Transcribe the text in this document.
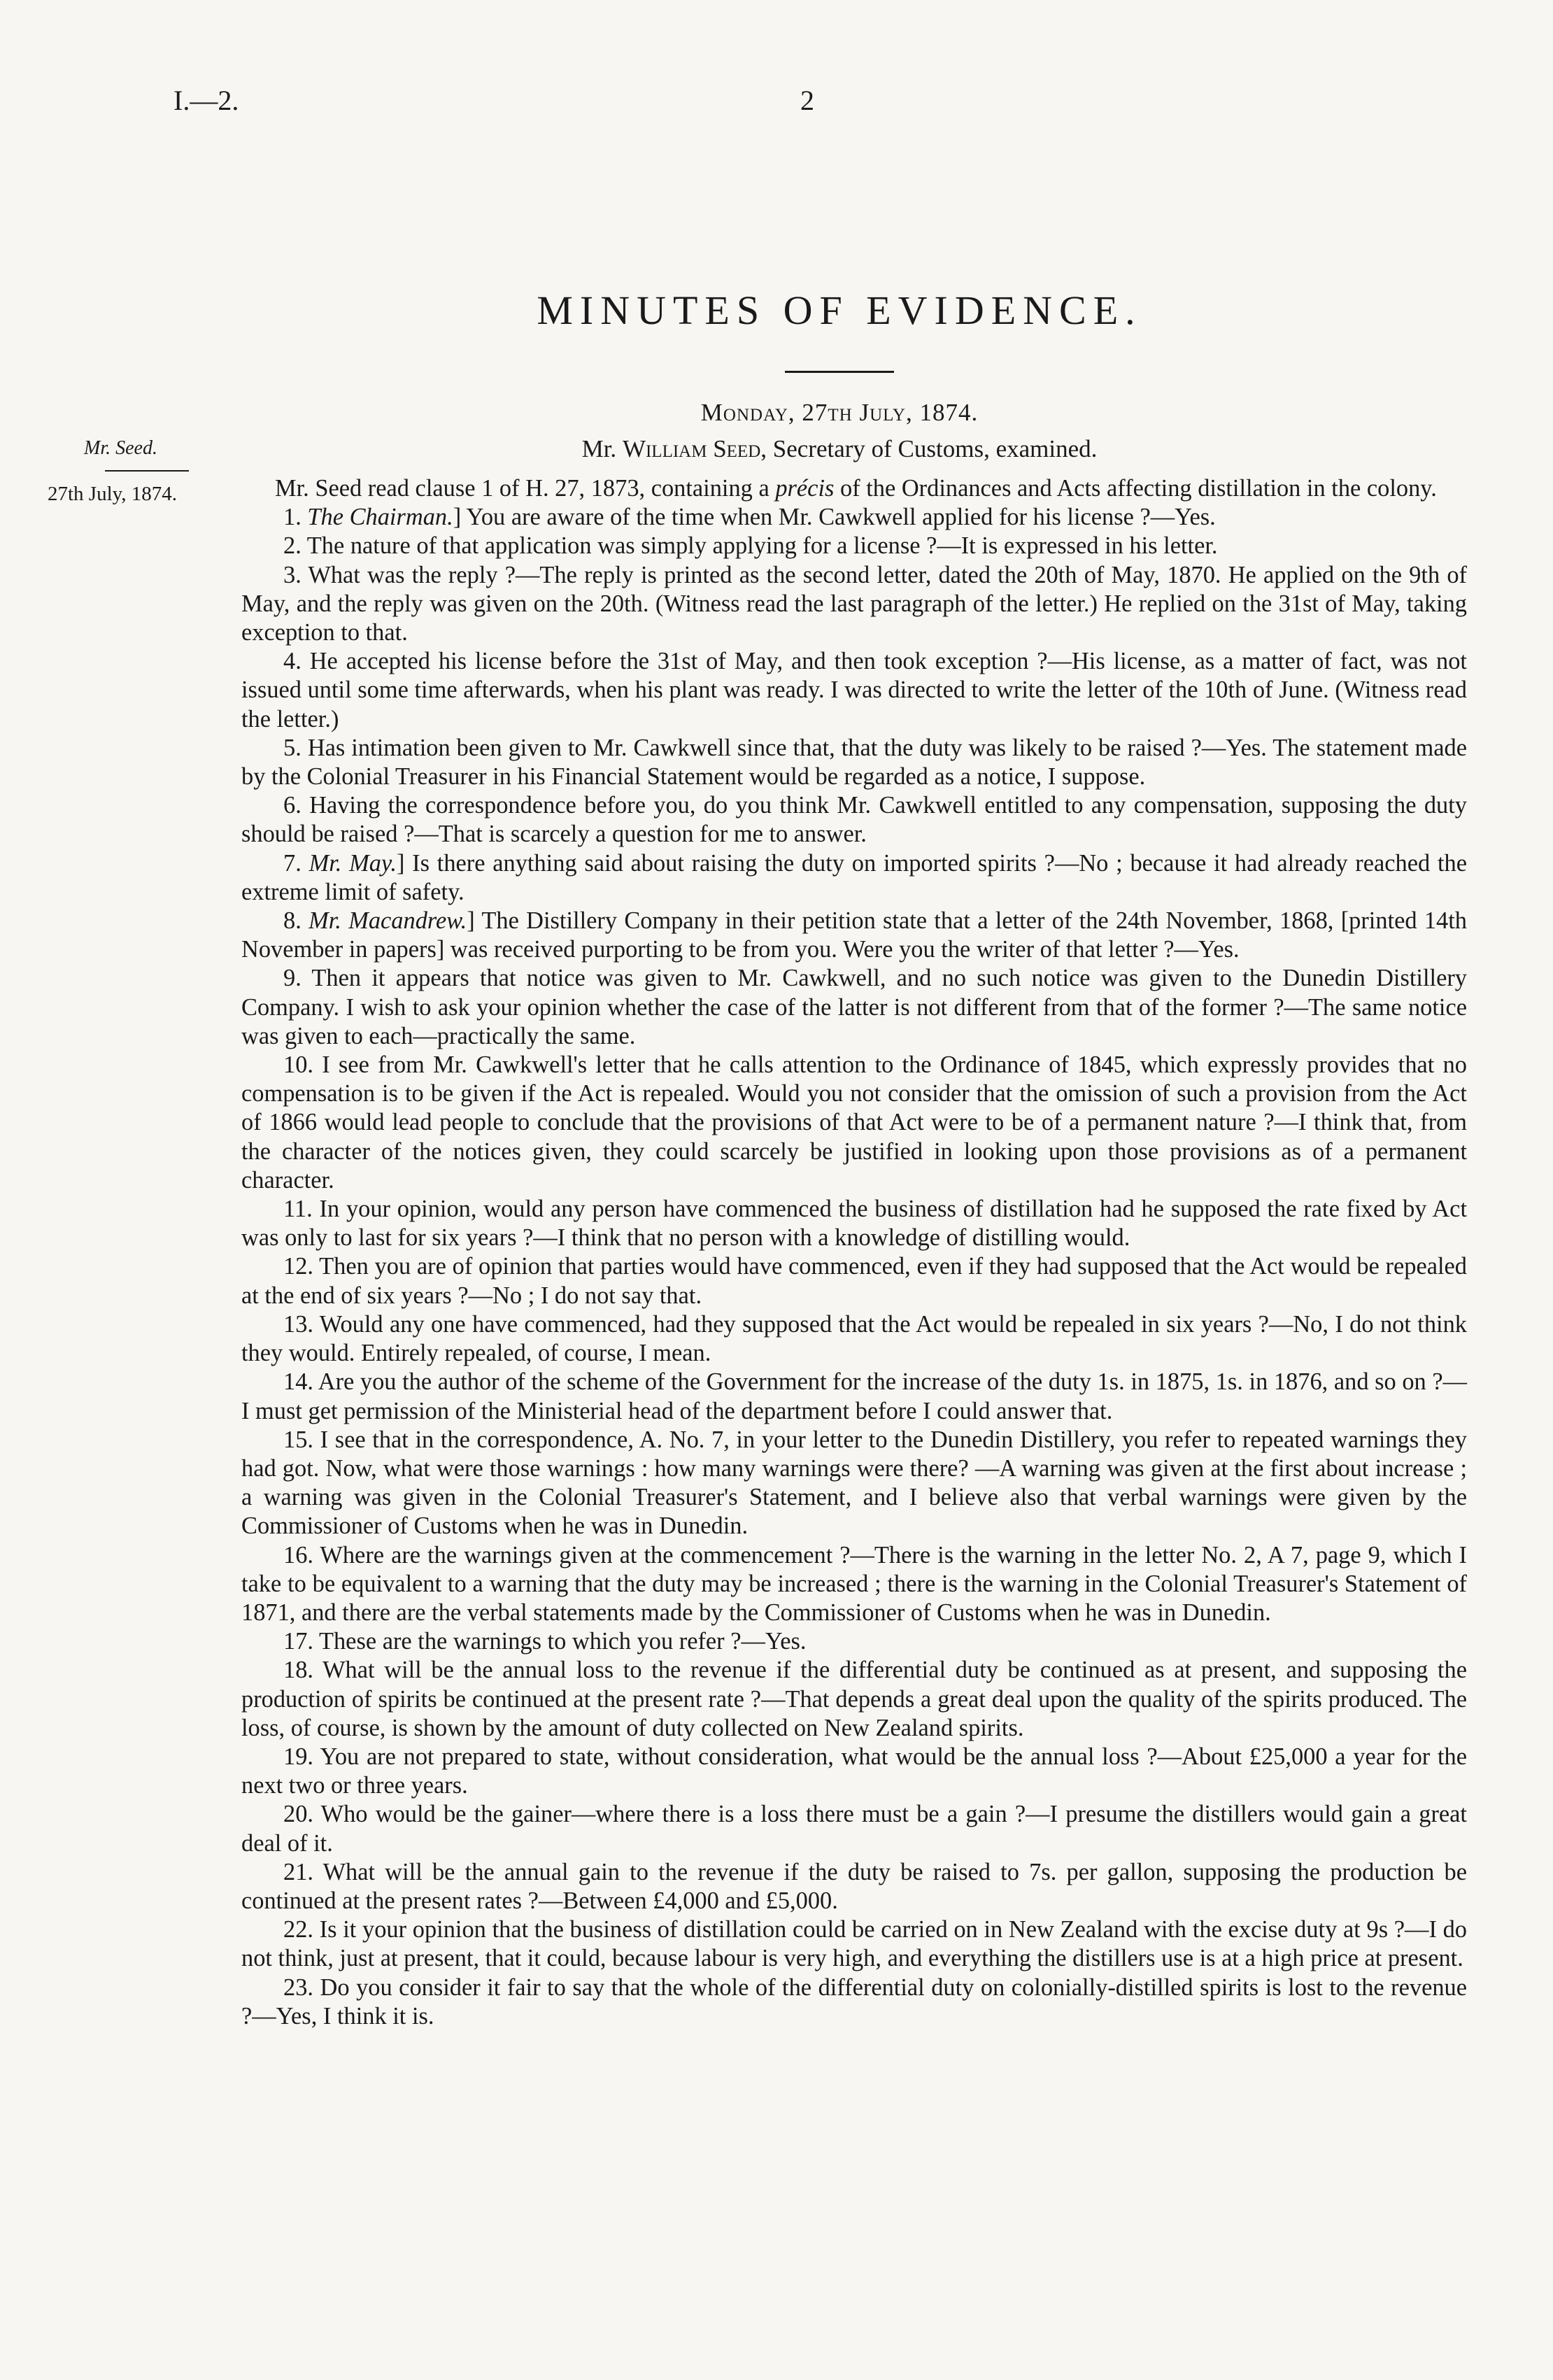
I.—2.	2
MINUTES OF EVIDENCE.
Monday, 27th July, 1874.
Mr. William Seed, Secretary of Customs, examined.
Mr. Seed.
27th July, 1874.	Mr. Seed read clause 1 of H. 27, 1873, containing a précis of the Ordinances and Acts affecting distillation in the colony.

1. The Chairman.] You are aware of the time when Mr. Cawkwell applied for his license ?—Yes.

2. The nature of that application was simply applying for a license ?—It is expressed in his letter.

3. What was the reply ?—The reply is printed as the second letter, dated the 20th of May, 1870. He applied on the 9th of May, and the reply was given on the 20th. (Witness read the last paragraph of the letter.) He replied on the 31st of May, taking exception to that.

4. He accepted his license before the 31st of May, and then took exception ?—His license, as a matter of fact, was not issued until some time afterwards, when his plant was ready. I was directed to write the letter of the 10th of June. (Witness read the letter.)

5. Has intimation been given to Mr. Cawkwell since that, that the duty was likely to be raised ?—Yes. The statement made by the Colonial Treasurer in his Financial Statement would be regarded as a notice, I suppose.

6. Having the correspondence before you, do you think Mr. Cawkwell entitled to any compensation, supposing the duty should be raised ?—That is scarcely a question for me to answer.

7. Mr. May.] Is there anything said about raising the duty on imported spirits ?—No ; because it had already reached the extreme limit of safety.

8. Mr. Macandrew.] The Distillery Company in their petition state that a letter of the 24th November, 1868, [printed 14th November in papers] was received purporting to be from you. Were you the writer of that letter ?—Yes.

9. Then it appears that notice was given to Mr. Cawkwell, and no such notice was given to the Dunedin Distillery Company. I wish to ask your opinion whether the case of the latter is not different from that of the former ?—The same notice was given to each—practically the same.

10. I see from Mr. Cawkwell's letter that he calls attention to the Ordinance of 1845, which expressly provides that no compensation is to be given if the Act is repealed. Would you not consider that the omission of such a provision from the Act of 1866 would lead people to conclude that the provisions of that Act were to be of a permanent nature ?—I think that, from the character of the notices given, they could scarcely be justified in looking upon those provisions as of a permanent character.

11. In your opinion, would any person have commenced the business of distillation had he supposed the rate fixed by Act was only to last for six years ?—I think that no person with a knowledge of distilling would.

12. Then you are of opinion that parties would have commenced, even if they had supposed that the Act would be repealed at the end of six years ?—No ; I do not say that.

13. Would any one have commenced, had they supposed that the Act would be repealed in six years ?—No, I do not think they would. Entirely repealed, of course, I mean.

14. Are you the author of the scheme of the Government for the increase of the duty 1s. in 1875, 1s. in 1876, and so on ?—I must get permission of the Ministerial head of the department before I could answer that.

15. I see that in the correspondence, A. No. 7, in your letter to the Dunedin Distillery, you refer to repeated warnings they had got. Now, what were those warnings : how many warnings were there? —A warning was given at the first about increase ; a warning was given in the Colonial Treasurer's Statement, and I believe also that verbal warnings were given by the Commissioner of Customs when he was in Dunedin.

16. Where are the warnings given at the commencement ?—There is the warning in the letter No. 2, A 7, page 9, which I take to be equivalent to a warning that the duty may be increased ; there is the warning in the Colonial Treasurer's Statement of 1871, and there are the verbal statements made by the Commissioner of Customs when he was in Dunedin.

17. These are the warnings to which you refer ?—Yes.

18. What will be the annual loss to the revenue if the differential duty be continued as at present, and supposing the production of spirits be continued at the present rate ?—That depends a great deal upon the quality of the spirits produced. The loss, of course, is shown by the amount of duty collected on New Zealand spirits.

19. You are not prepared to state, without consideration, what would be the annual loss ?—About £25,000 a year for the next two or three years.

20. Who would be the gainer—where there is a loss there must be a gain ?—I presume the distillers would gain a great deal of it.

21. What will be the annual gain to the revenue if the duty be raised to 7s. per gallon, supposing the production be continued at the present rates ?—Between £4,000 and £5,000.

22. Is it your opinion that the business of distillation could be carried on in New Zealand with the excise duty at 9s ?—I do not think, just at present, that it could, because labour is very high, and everything the distillers use is at a high price at present.

23. Do you consider it fair to say that the whole of the differential duty on colonially-distilled spirits is lost to the revenue ?—Yes, I think it is.
